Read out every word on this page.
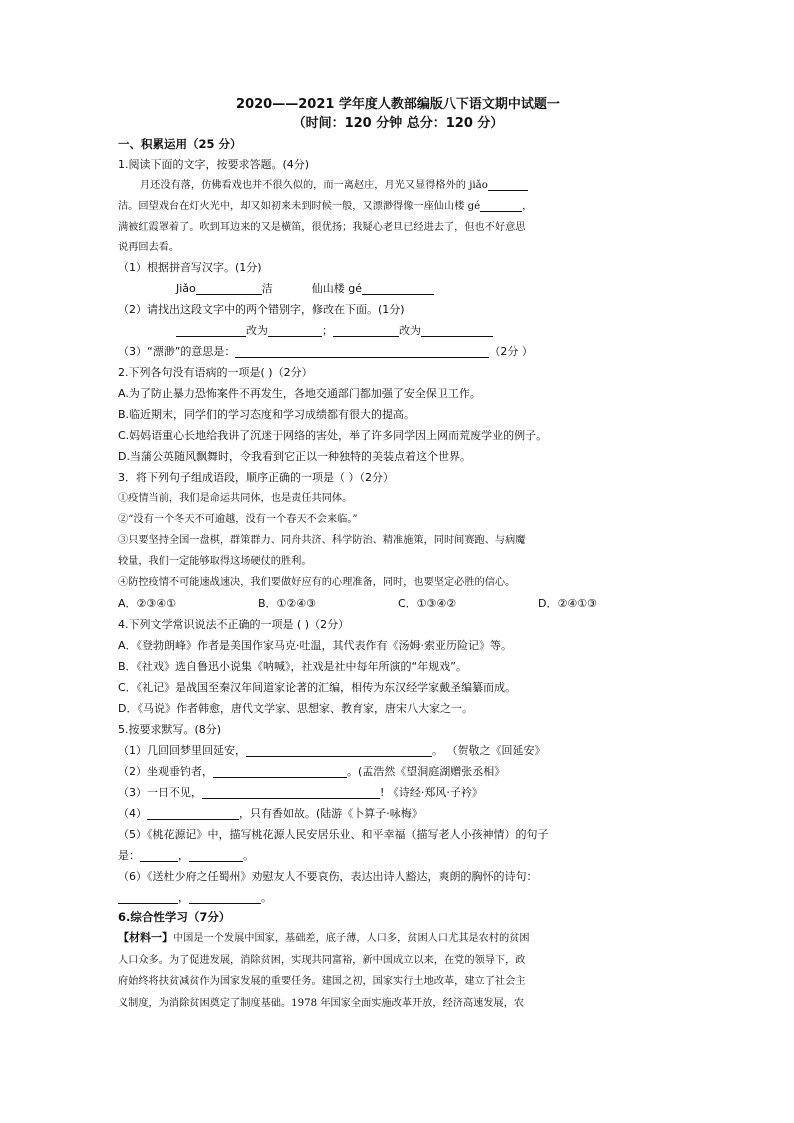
2020——2021 学年度人教部编版八下语文期中试题一
（时间：120 分钟 总分：120 分）
一、积累运用（25 分）
1.阅读下面的文字，按要求答题。(4分)
月还没有落，仿佛看戏也并不很久似的，而一离赵庄，月光又显得格外的 jiǎo
洁。回望戏台在灯火光中，却又如初来未到时候一般，又漂渺得像一座仙山楼 gé	，
满被红霞罩着了。吹到耳边来的又是横笛，很优扬；我疑心老旦已经进去了，但也不好意思

说再回去看。
（1）根据拼音写汉字。(1分)
Jiǎo	洁	仙山楼 gé
（2）请找出这段文字中的两个错别字，修改在下面。(1分)
改为	；	改为
（3）“漂渺”的意思是：	（2分 ）
2.下列各句没有语病的一项是( )（2分）
A.为了防止暴力恐怖案件不再发生，各地交通部门都加强了安全保卫工作。
B.临近期末，同学们的学习态度和学习成绩都有很大的提高。
C.妈妈语重心长地给我讲了沉迷于网络的害处，举了许多同学因上网而荒废学业的例子。
D.当蒲公英随风飘舞时，令我看到它正以一种独特的美装点着这个世界。
3．将下列句子组成语段，顺序正确的一项是（ ）（2分）
①疫情当前，我们是命运共同体，也是责任共同体。
②“没有一个冬天不可逾越，没有一个春天不会来临。”
③只要坚持全国一盘棋，群策群力、同舟共济、科学防治、精准施策，同时间赛跑、与病魔
较量，我们一定能够取得这场硬仗的胜利。
④防控疫情不可能速战速决，我们要做好应有的心理准备，同时，也要坚定必胜的信心。
A．②③④①	B．①②④③	C．①③④②	D．②④①③
4.下列文学常识说法不正确的一项是 ( )（2分）
A．《登勃朗峰》作者是美国作家马克·吐温，其代表作有《汤姆·索亚历险记》等。
B．《社戏》选自鲁迅小说集《呐喊》，社戏是社中每年所演的“年规戏”。
C．《礼记》是战国至秦汉年间道家论著的汇编，相传为东汉经学家戴圣编纂而成。
D．《马说》作者韩愈，唐代文学家、思想家、教育家，唐宋八大家之一。
5.按要求默写。(8分)
（1）几回回梦里回延安，	。 （贺敬之《回延安》
（2）坐观垂钓者，	。(孟浩然《望洞庭湖赠张丞相》
（3）一日不见，	! 《诗经·郑风·子衿》
（4）	，只有香如故。(陆游《卜算子·咏梅》
（5）《桃花源记》中，描写桃花源人民安居乐业、和平幸福（描写老人小孩神情）的句子
是：	，	。
（6）《送杜少府之任蜀州》劝慰友人不要哀伤，表达出诗人豁达，爽朗的胸怀的诗句：
，	。
6.综合性学习（7分）
【材料一】中国是一个发展中国家，基础差，底子薄，人口多，贫困人口尤其是农村的贫困
人口众多。为了促进发展，消除贫困，实现共同富裕，新中国成立以来，在党的领导下，政
府始终将扶贫减贫作为国家发展的重要任务。建国之初，国家实行土地改革，建立了社会主
义制度，为消除贫困奠定了制度基础。1978 年国家全面实施改革开放，经济高速发展，农
